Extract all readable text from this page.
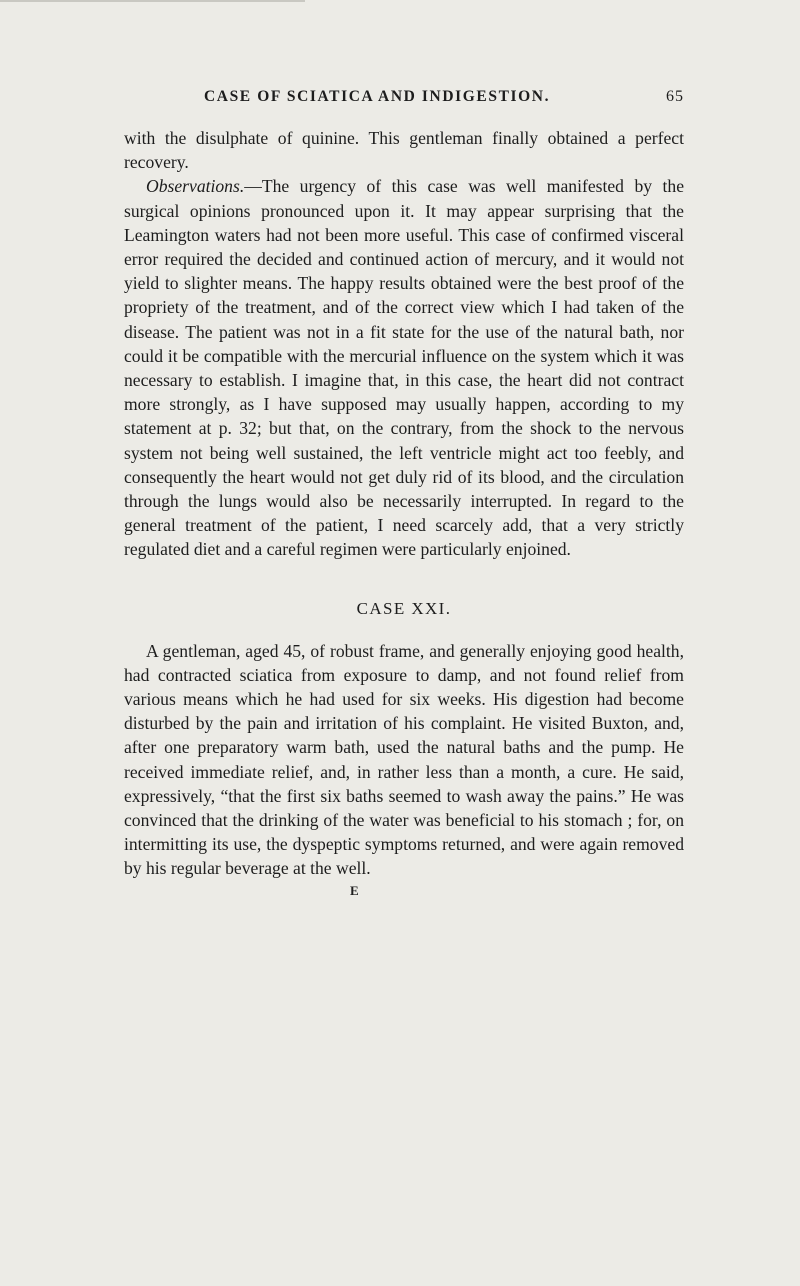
CASE OF SCIATICA AND INDIGESTION.	65

with the disulphate of quinine. This gentleman finally obtained a perfect recovery.

Observations.—The urgency of this case was well manifested by the surgical opinions pronounced upon it. It may appear surprising that the Leamington waters had not been more useful. This case of confirmed visceral error required the decided and continued action of mercury, and it would not yield to slighter means. The happy results obtained were the best proof of the propriety of the treatment, and of the correct view which I had taken of the disease. The patient was not in a fit state for the use of the natural bath, nor could it be compatible with the mercurial influence on the system which it was necessary to establish. I imagine that, in this case, the heart did not contract more strongly, as I have supposed may usually happen, according to my statement at p. 32; but that, on the contrary, from the shock to the nervous system not being well sustained, the left ventricle might act too feebly, and consequently the heart would not get duly rid of its blood, and the circulation through the lungs would also be necessarily interrupted. In regard to the general treatment of the patient, I need scarcely add, that a very strictly regulated diet and a careful regimen were particularly enjoined.

CASE XXI.

A gentleman, aged 45, of robust frame, and generally enjoying good health, had contracted sciatica from exposure to damp, and not found relief from various means which he had used for six weeks. His digestion had become disturbed by the pain and irritation of his complaint. He visited Buxton, and, after one preparatory warm bath, used the natural baths and the pump. He received immediate relief, and, in rather less than a month, a cure. He said, expressively, “that the first six baths seemed to wash away the pains.” He was convinced that the drinking of the water was beneficial to his stomach ; for, on intermitting its use, the dyspeptic symptoms returned, and were again removed by his regular beverage at the well.

E
